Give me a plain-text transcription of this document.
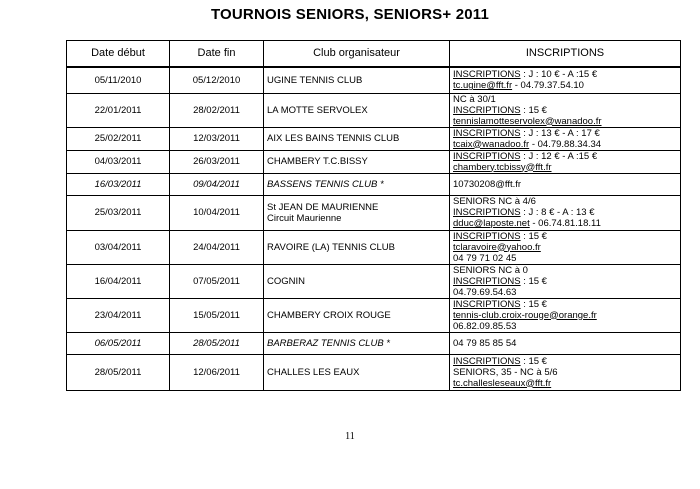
TOURNOIS SENIORS, SENIORS+ 2011
Date début	Date fin	Club organisateur	INSCRIPTIONS
05/11/2010	05/12/2010	UGINE TENNIS CLUB	INSCRIPTIONS : J : 10 € - A :15 €
tc.ugine@fft.fr - 04.79.37.54.10

22/01/2011	28/02/2011	LA MOTTE SERVOLEX	NC à 30/1
INSCRIPTIONS : 15 €
tennislamotteservolex@wanadoo.fr

25/02/2011	12/03/2011	AIX LES BAINS TENNIS CLUB	INSCRIPTIONS : J : 13 € - A : 17 €
tcaix@wanadoo.fr - 04.79.88.34.34

04/03/2011	26/03/2011	CHAMBERY T.C.BISSY	INSCRIPTIONS : J : 12 € - A :15 €
chambery.tcbissy@fft.fr

16/03/2011	09/04/2011	BASSENS TENNIS CLUB *	10730208@fft.fr

25/03/2011	10/04/2011	St JEAN DE MAURIENNE
Circuit Maurienne	SENIORS NC à 4/6
INSCRIPTIONS : J : 8 € - A : 13 €
dduc@laposte.net - 06.74.81.18.11

03/04/2011	24/04/2011	RAVOIRE (LA) TENNIS CLUB	INSCRIPTIONS : 15 €
tclaravoire@yahoo.fr
04 79 71 02 45

16/04/2011	07/05/2011	COGNIN	SENIORS NC à 0
INSCRIPTIONS : 15 €
04.79.69.54.63

23/04/2011	15/05/2011	CHAMBERY CROIX ROUGE	INSCRIPTIONS : 15 €
tennis-club.croix-rouge@orange.fr
06.82.09.85.53

06/05/2011	28/05/2011	BARBERAZ TENNIS CLUB *	04 79 85 85 54

28/05/2011	12/06/2011	CHALLES LES EAUX	INSCRIPTIONS : 15 €
SENIORS, 35 - NC à 5/6
tc.challesleseaux@fft.fr
11
